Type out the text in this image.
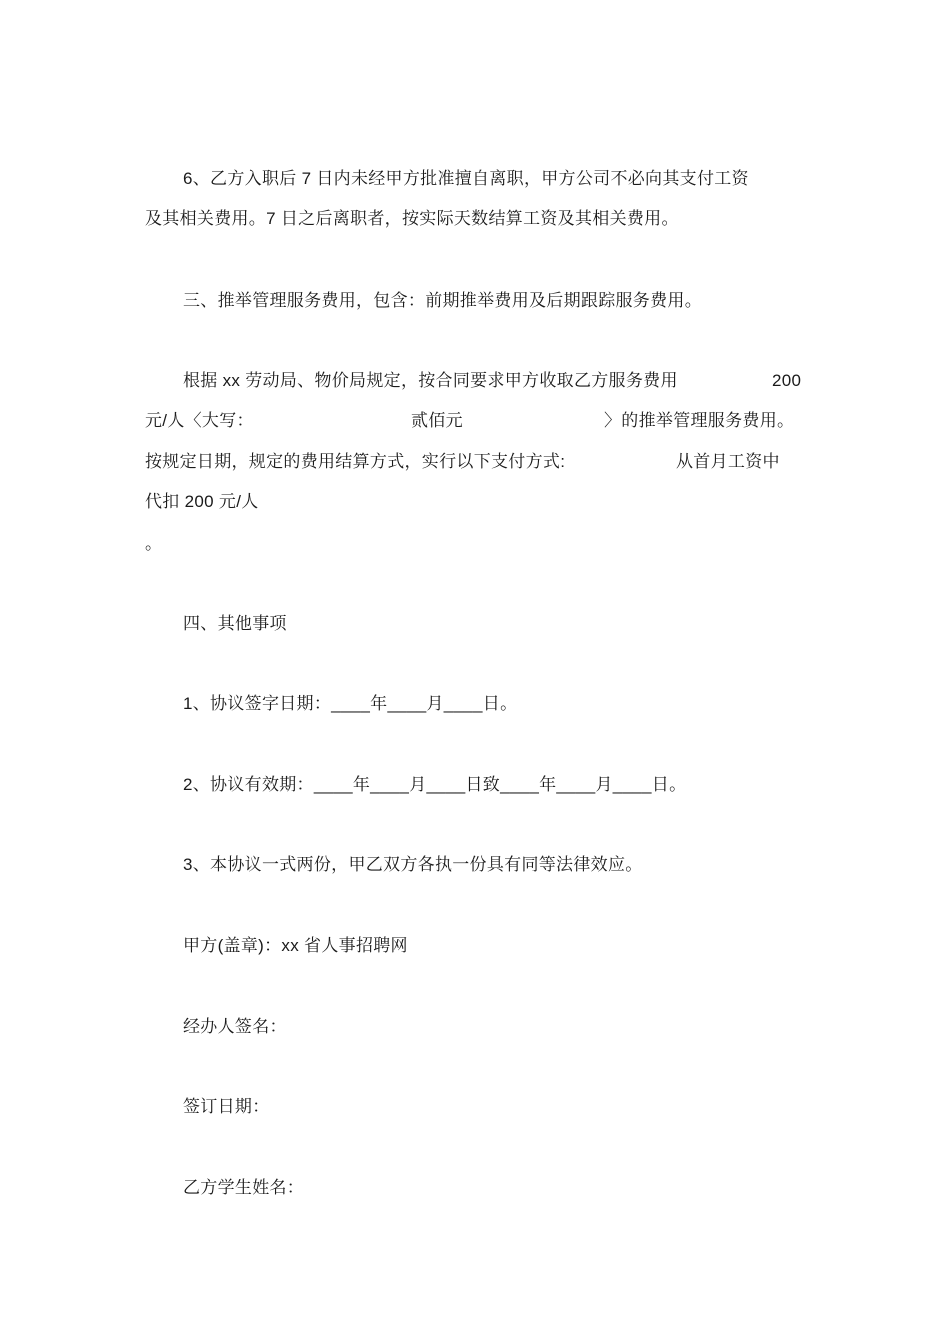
6、乙方入职后 7 日内未经甲方批准擅自离职，甲方公司不必向其支付工资
及其相关费用。7 日之后离职者，按实际天数结算工资及其相关费用。
三、推举管理服务费用，包含：前期推举费用及后期跟踪服务费用。
根据 xx 劳动局、物价局规定，按合同要求甲方收取乙方服务费用	200
元/人〈大写：	贰佰元	〉的推举管理服务费用。
按规定日期，规定的费用结算方式，实行以下支付方式:	从首月工资中
代扣 200 元/人
。
四、其他事项
1、协议签字日期：____年____月____日。
2、协议有效期：____年____月____日致____年____月____日。
3、本协议一式两份，甲乙双方各执一份具有同等法律效应。
甲方(盖章)：xx 省人事招聘网
经办人签名：
签订日期：
乙方学生姓名：
